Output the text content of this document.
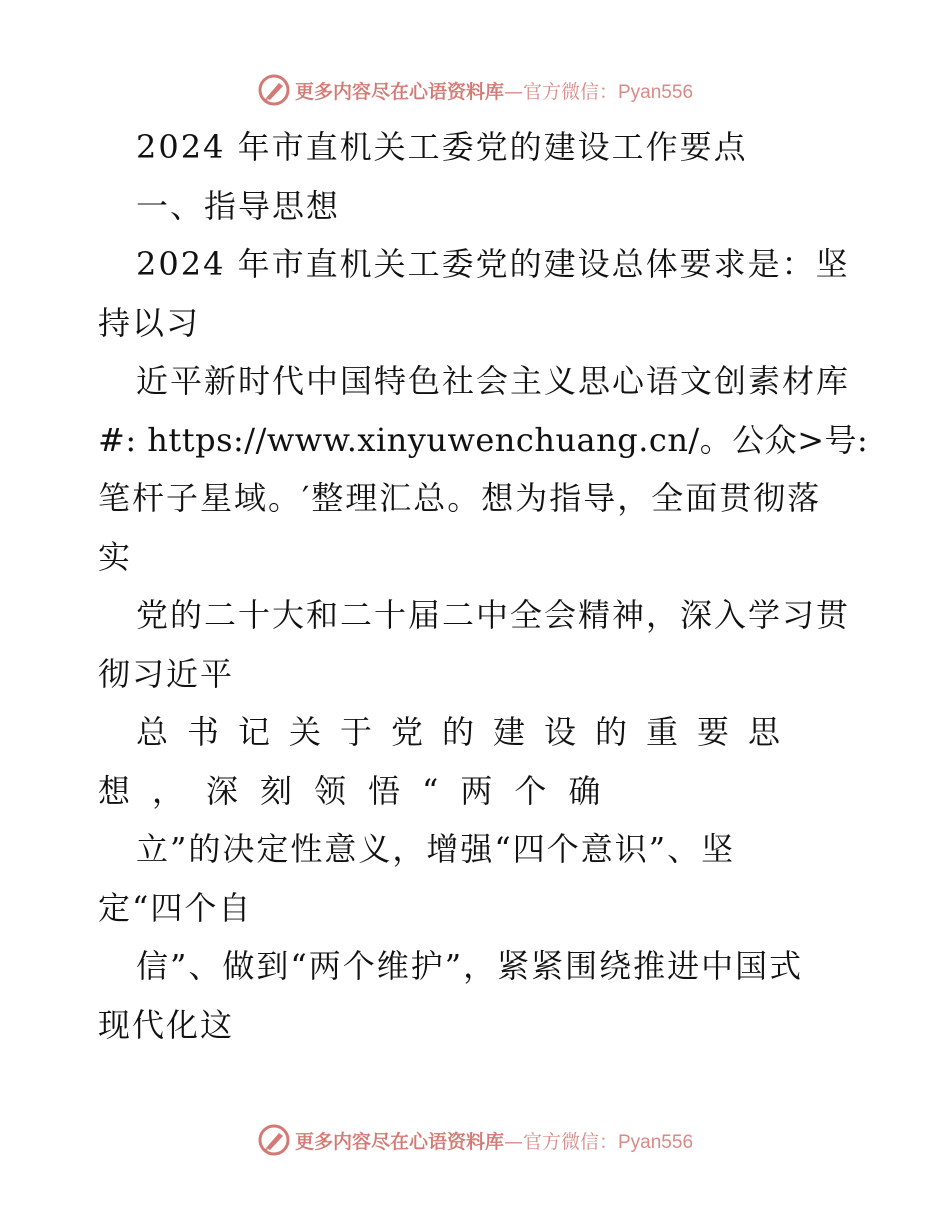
更多内容尽在心语资料库—官方微信：Pyan556
2024 年市直机关工委党的建设工作要点
一、指导思想
2024 年市直机关工委党的建设总体要求是：坚
持以习
近平新时代中国特色社会主义思心语文创素材库
#: https://www.xinyuwenchuang.cn/。公众>号:
笔杆子星域。′整理汇总。想为指导，全面贯彻落
实
党的二十大和二十届二中全会精神，深入学习贯
彻习近平
总书记关于党的建设的重要思
想，深刻领悟“两个确
立”的决定性意义，增强“四个意识”、坚
定“四个自
信”、做到“两个维护”，紧紧围绕推进中国式
现代化这
更多内容尽在心语资料库—官方微信：Pyan556
